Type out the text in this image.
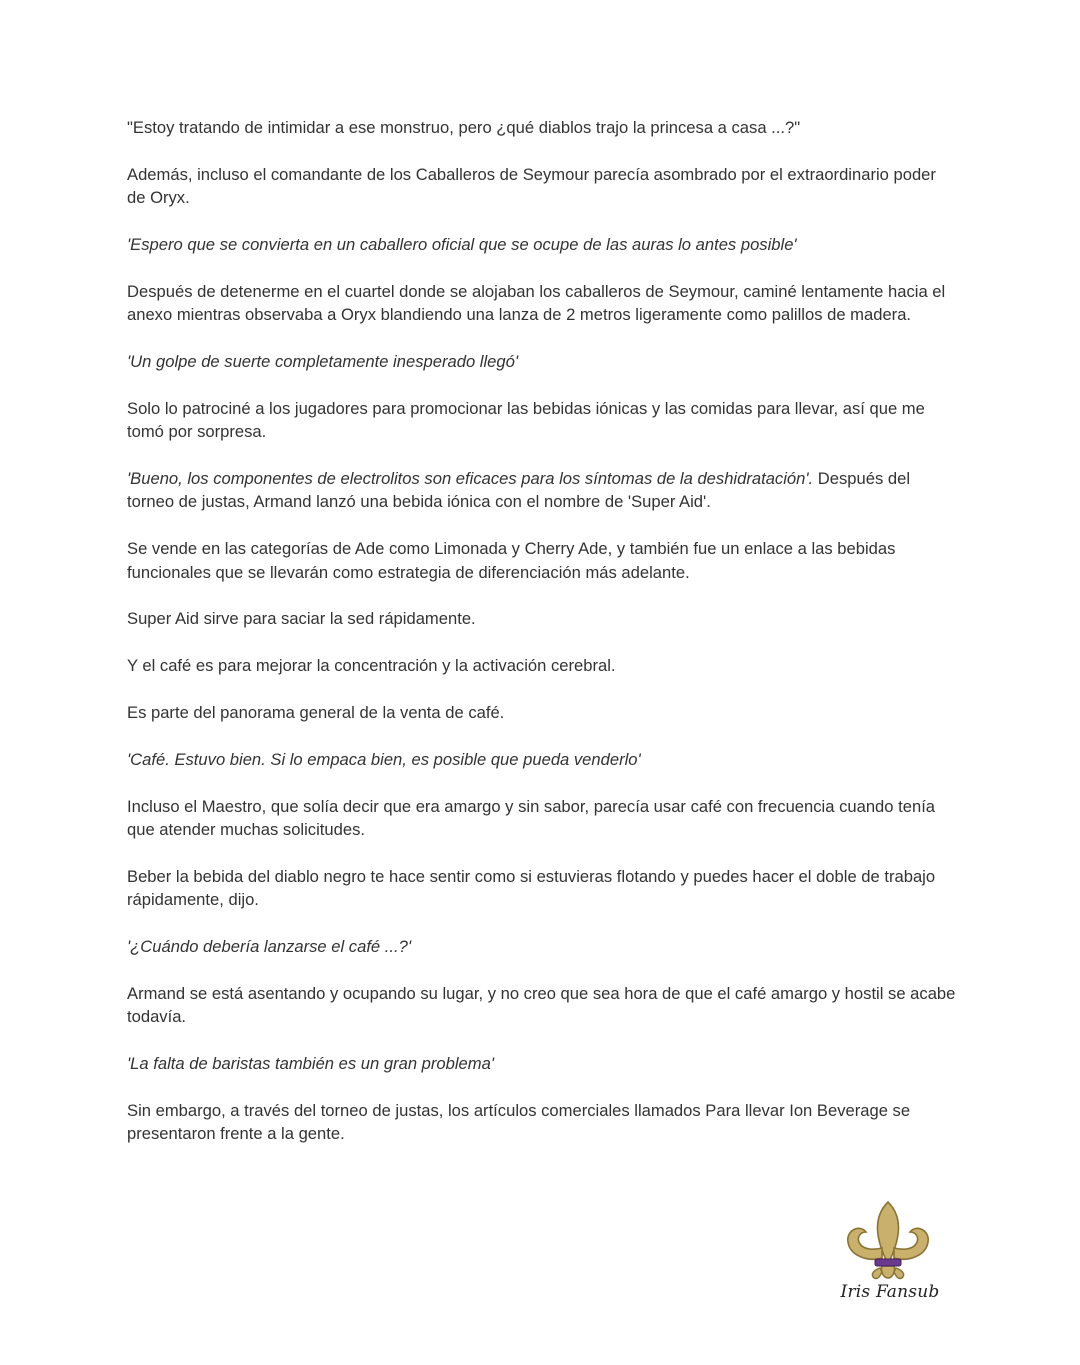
"Estoy tratando de intimidar a ese monstruo, pero ¿qué diablos trajo la princesa a casa ...?"

Además, incluso el comandante de los Caballeros de Seymour parecía asombrado por el extraordinario poder de Oryx.

'Espero que se convierta en un caballero oficial que se ocupe de las auras lo antes posible'

Después de detenerme en el cuartel donde se alojaban los caballeros de Seymour, caminé lentamente hacia el anexo mientras observaba a Oryx blandiendo una lanza de 2 metros ligeramente como palillos de madera.

'Un golpe de suerte completamente inesperado llegó'

Solo lo patrociné a los jugadores para promocionar las bebidas iónicas y las comidas para llevar, así que me tomó por sorpresa.

'Bueno, los componentes de electrolitos son eficaces para los síntomas de la deshidratación'. Después del torneo de justas, Armand lanzó una bebida iónica con el nombre de 'Super Aid'.

Se vende en las categorías de Ade como Limonada y Cherry Ade, y también fue un enlace a las bebidas funcionales que se llevarán como estrategia de diferenciación más adelante.

Super Aid sirve para saciar la sed rápidamente.

Y el café es para mejorar la concentración y la activación cerebral.

Es parte del panorama general de la venta de café.

'Café. Estuvo bien. Si lo empaca bien, es posible que pueda venderlo'

Incluso el Maestro, que solía decir que era amargo y sin sabor, parecía usar café con frecuencia cuando tenía que atender muchas solicitudes.

Beber la bebida del diablo negro te hace sentir como si estuvieras flotando y puedes hacer el doble de trabajo rápidamente, dijo.

'¿Cuándo debería lanzarse el café ...?'

Armand se está asentando y ocupando su lugar, y no creo que sea hora de que el café amargo y hostil se acabe todavía.

'La falta de baristas también es un gran problema'

Sin embargo, a través del torneo de justas, los artículos comerciales llamados Para llevar Ion Beverage se presentaron frente a la gente.

Iris Fansub
